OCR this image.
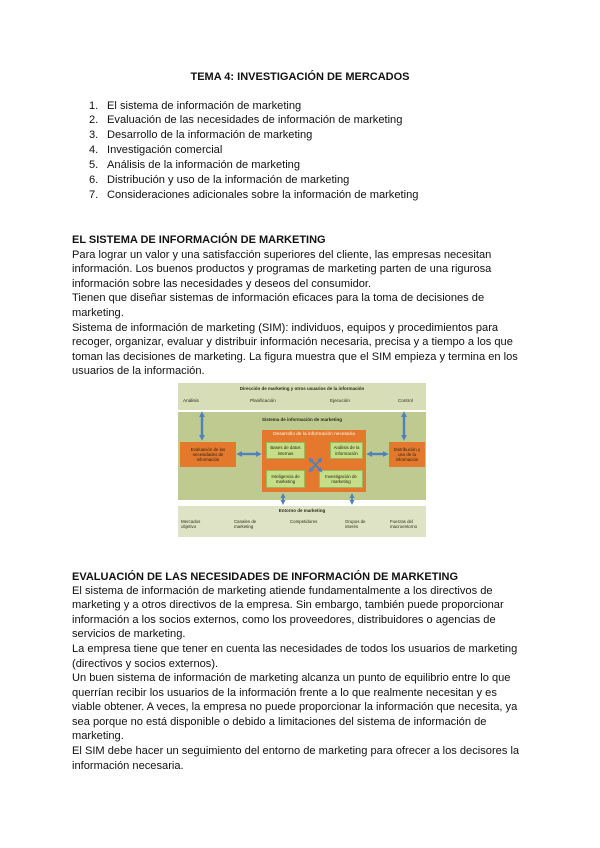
TEMA 4: INVESTIGACIÓN DE MERCADOS
1. El sistema de información de marketing
2. Evaluación de las necesidades de información de marketing
3. Desarrollo de la información de marketing
4. Investigación comercial
5. Análisis de la información de marketing
6. Distribución y uso de la información de marketing
7. Consideraciones adicionales sobre la información de marketing
EL SISTEMA DE INFORMACIÓN DE MARKETING
Para lograr un valor y una satisfacción superiores del cliente, las empresas necesitan
información. Los buenos productos y programas de marketing parten de una rigurosa
información sobre las necesidades y deseos del consumidor.
Tienen que diseñar sistemas de información eficaces para la toma de decisiones de
marketing.
Sistema de información de marketing (SIM): individuos, equipos y procedimientos para
recoger, organizar, evaluar y distribuir información necesaria, precisa y a tiempo a los que
toman las decisiones de marketing. La figura muestra que el SIM empieza y termina en los
usuarios de la información.
Dirección de marketing y otros usuarios de la información
Análisis	Planificación	Ejecución	Control
Sistema de información de marketing
Evaluación de las necesidades de información
Desarrollo de la información necesaria
Bases de datos internas
Análisis de la información
Inteligencia de marketing
Investigación de marketing
Distribución y uso de la información
Entorno de marketing
Mercados objetivo
Canales de marketing
Competidores	Grupos de interés
Fuerzas del macroentorno
EVALUACIÓN DE LAS NECESIDADES DE INFORMACIÓN DE MARKETING
El sistema de información de marketing atiende fundamentalmente a los directivos de
marketing y a otros directivos de la empresa. Sin embargo, también puede proporcionar
información a los socios externos, como los proveedores, distribuidores o agencias de
servicios de marketing.
La empresa tiene que tener en cuenta las necesidades de todos los usuarios de marketing
(directivos y socios externos).
Un buen sistema de información de marketing alcanza un punto de equilibrio entre lo que
querrían recibir los usuarios de la información frente a lo que realmente necesitan y es
viable obtener. A veces, la empresa no puede proporcionar la información que necesita, ya
sea porque no está disponible o debido a limitaciones del sistema de información de
marketing.
El SIM debe hacer un seguimiento del entorno de marketing para ofrecer a los decisores la
información necesaria.
